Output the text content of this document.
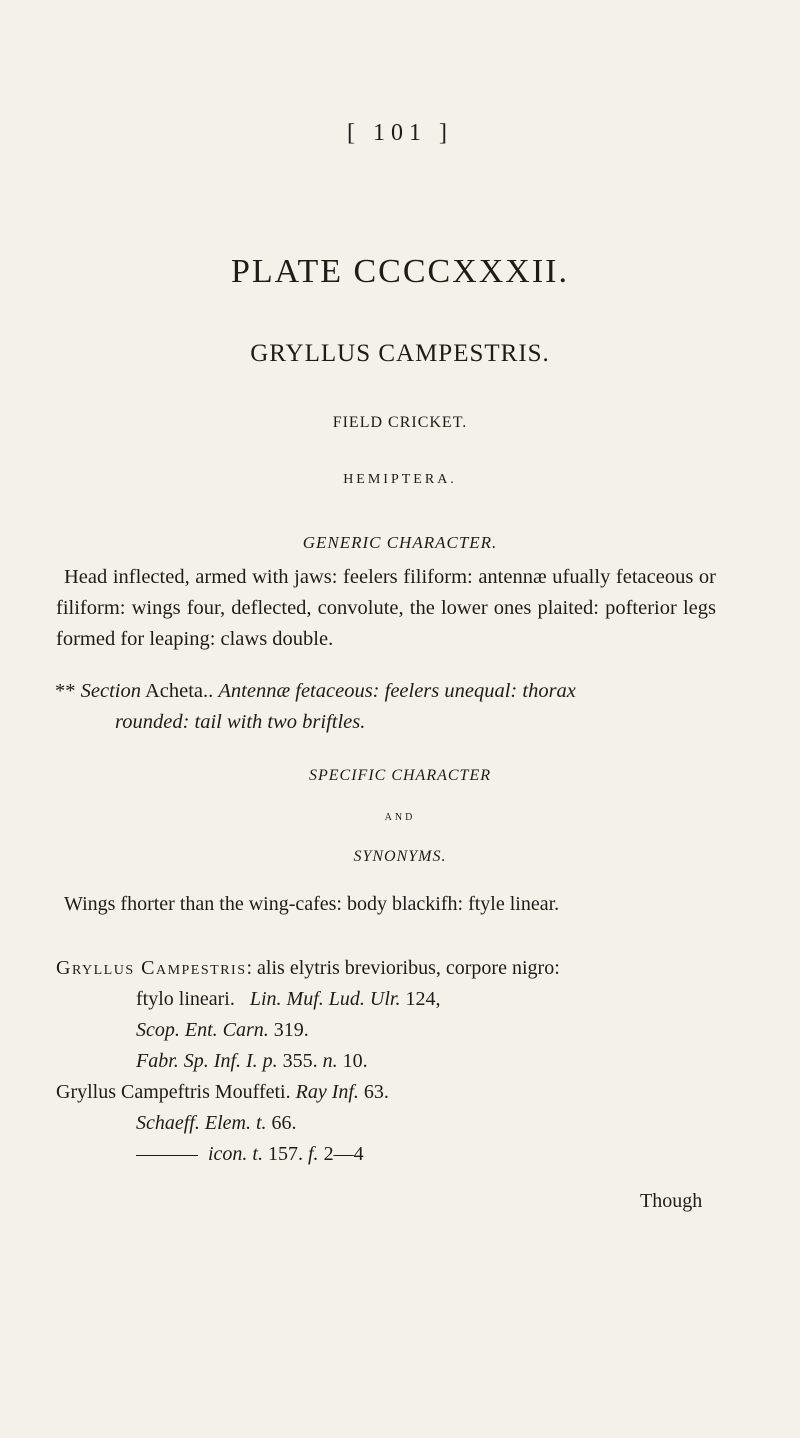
[ 101 ]
PLATE CCCCXXXII.
GRYLLUS CAMPESTRIS.
FIELD CRICKET.
HEMIPTERA.
GENERIC CHARACTER.
Head inflected, armed with jaws: feelers filiform: antennæ ufually fetaceous or filiform: wings four, deflected, convolute, the lower ones plaited: pofterior legs formed for leaping: claws double.
** Section Acheta.. Antennæ fetaceous: feelers unequal: thorax
rounded: tail with two briftles.
SPECIFIC CHARACTER
AND
SYNONYMS.
Wings fhorter than the wing-cafes: body blackifh: ftyle linear.
Gryllus Campestris: alis elytris brevioribus, corpore nigro:
ftylo lineari. Lin. Muf. Lud. Ulr. 124,
Scop. Ent. Carn. 319.
Fabr. Sp. Inf. I. p. 355. n. 10.
Gryllus Campeftris Mouffeti. Ray Inf. 63.
Schaeff. Elem. t. 66.
icon. t. 157. f. 2—4
Though
